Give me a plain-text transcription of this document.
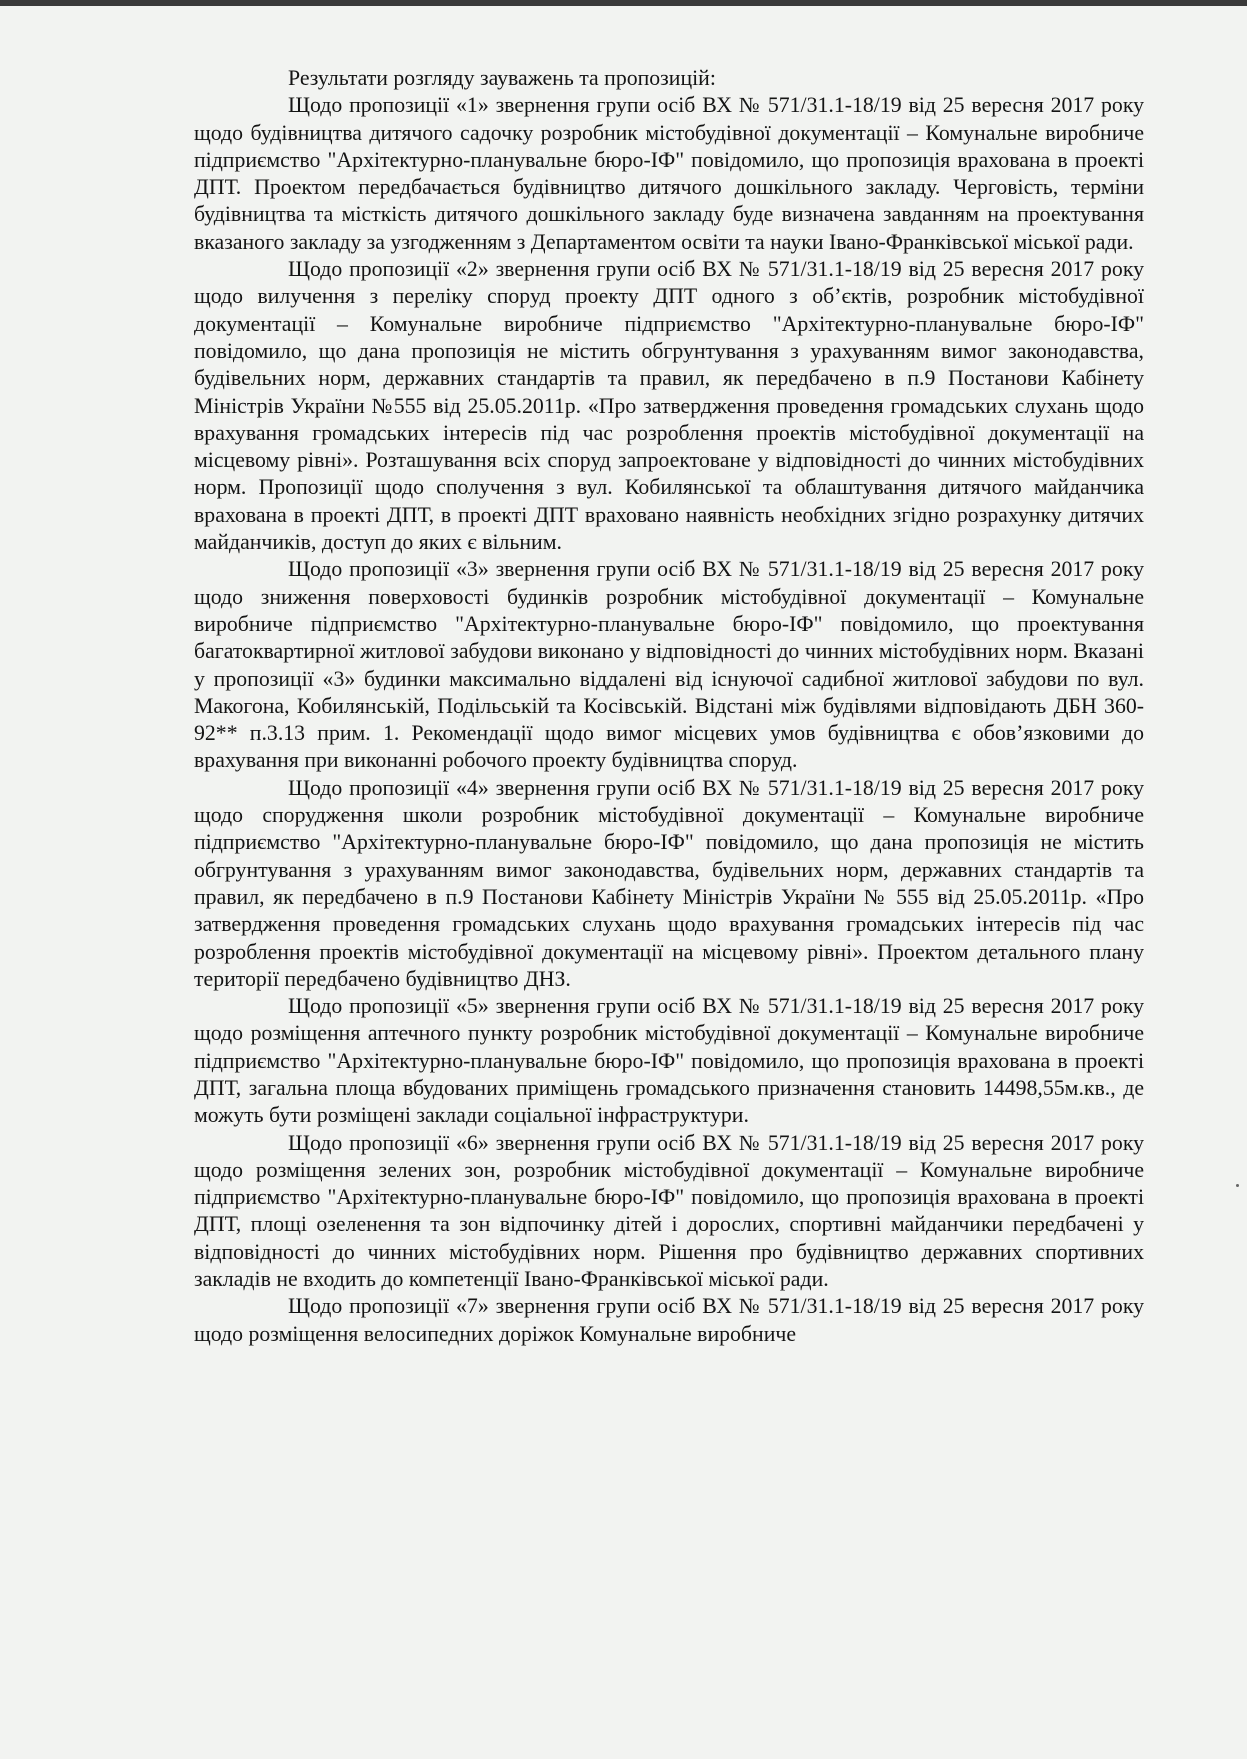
Результати розгляду зауважень та пропозицій:

Щодо пропозиції «1» звернення групи осіб ВХ № 571/31.1-18/19 від 25 вересня 2017 року щодо будівництва дитячого садочку розробник містобудівної документації – Комунальне виробниче підприємство "Архітектурно-планувальне бюро-ІФ" повідомило, що пропозиція врахована в проекті ДПТ. Проектом передбачається будівництво дитячого дошкільного закладу. Черговість, терміни будівництва та місткість дитячого дошкільного закладу буде визначена завданням на проектування вказаного закладу за узгодженням з Департаментом освіти та науки Івано-Франківської міської ради.

Щодо пропозиції «2» звернення групи осіб ВХ № 571/31.1-18/19 від 25 вересня 2017 року щодо вилучення з переліку споруд проекту ДПТ одного з об’єктів, розробник містобудівної документації – Комунальне виробниче підприємство "Архітектурно-планувальне бюро-ІФ" повідомило, що дана пропозиція не містить обгрунтування з урахуванням вимог законодавства, будівельних норм, державних стандартів та правил, як передбачено в п.9 Постанови Кабінету Міністрів України №555 від 25.05.2011р. «Про затвердження проведення громадських слухань щодо врахування громадських інтересів під час розроблення проектів містобудівної документації на місцевому рівні». Розташування всіх споруд запроектоване у відповідності до чинних містобудівних норм. Пропозиції щодо сполучення з вул. Кобилянської та облаштування дитячого майданчика врахована в проекті ДПТ, в проекті ДПТ враховано наявність необхідних згідно розрахунку дитячих майданчиків, доступ до яких є вільним.

Щодо пропозиції «3» звернення групи осіб ВХ № 571/31.1-18/19 від 25 вересня 2017 року щодо зниження поверховості будинків розробник містобудівної документації – Комунальне виробниче підприємство "Архітектурно-планувальне бюро-ІФ" повідомило, що проектування багатоквартирної житлової забудови виконано у відповідності до чинних містобудівних норм. Вказані у пропозиції «3» будинки максимально віддалені від існуючої садибної житлової забудови по вул. Макогона, Кобилянській, Подільській та Косівській. Відстані між будівлями відповідають ДБН 360-92** п.3.13 прим. 1. Рекомендації щодо вимог місцевих умов будівництва є обов’язковими до врахування при виконанні робочого проекту будівництва споруд.

Щодо пропозиції «4» звернення групи осіб ВХ № 571/31.1-18/19 від 25 вересня 2017 року щодо спорудження школи розробник містобудівної документації – Комунальне виробниче підприємство "Архітектурно-планувальне бюро-ІФ" повідомило, що дана пропозиція не містить обгрунтування з урахуванням вимог законодавства, будівельних норм, державних стандартів та правил, як передбачено в п.9 Постанови Кабінету Міністрів України № 555 від 25.05.2011р. «Про затвердження проведення громадських слухань щодо врахування громадських інтересів під час розроблення проектів містобудівної документації на місцевому рівні». Проектом детального плану території передбачено будівництво ДНЗ.

Щодо пропозиції «5» звернення групи осіб ВХ № 571/31.1-18/19 від 25 вересня 2017 року щодо розміщення аптечного пункту розробник містобудівної документації – Комунальне виробниче підприємство "Архітектурно-планувальне бюро-ІФ" повідомило, що пропозиція врахована в проекті ДПТ, загальна площа вбудованих приміщень громадського призначення становить 14498,55м.кв., де можуть бути розміщені заклади соціальної інфраструктури.

Щодо пропозиції «6» звернення групи осіб ВХ № 571/31.1-18/19 від 25 вересня 2017 року щодо розміщення зелених зон, розробник містобудівної документації – Комунальне виробниче підприємство "Архітектурно-планувальне бюро-ІФ" повідомило, що пропозиція врахована в проекті ДПТ, площі озеленення та зон відпочинку дітей і дорослих, спортивні майданчики передбачені у відповідності до чинних містобудівних норм. Рішення про будівництво державних спортивних закладів не входить до компетенції Івано-Франківської міської ради.

Щодо пропозиції «7» звернення групи осіб ВХ № 571/31.1-18/19 від 25 вересня 2017 року щодо розміщення велосипедних доріжок Комунальне виробниче
